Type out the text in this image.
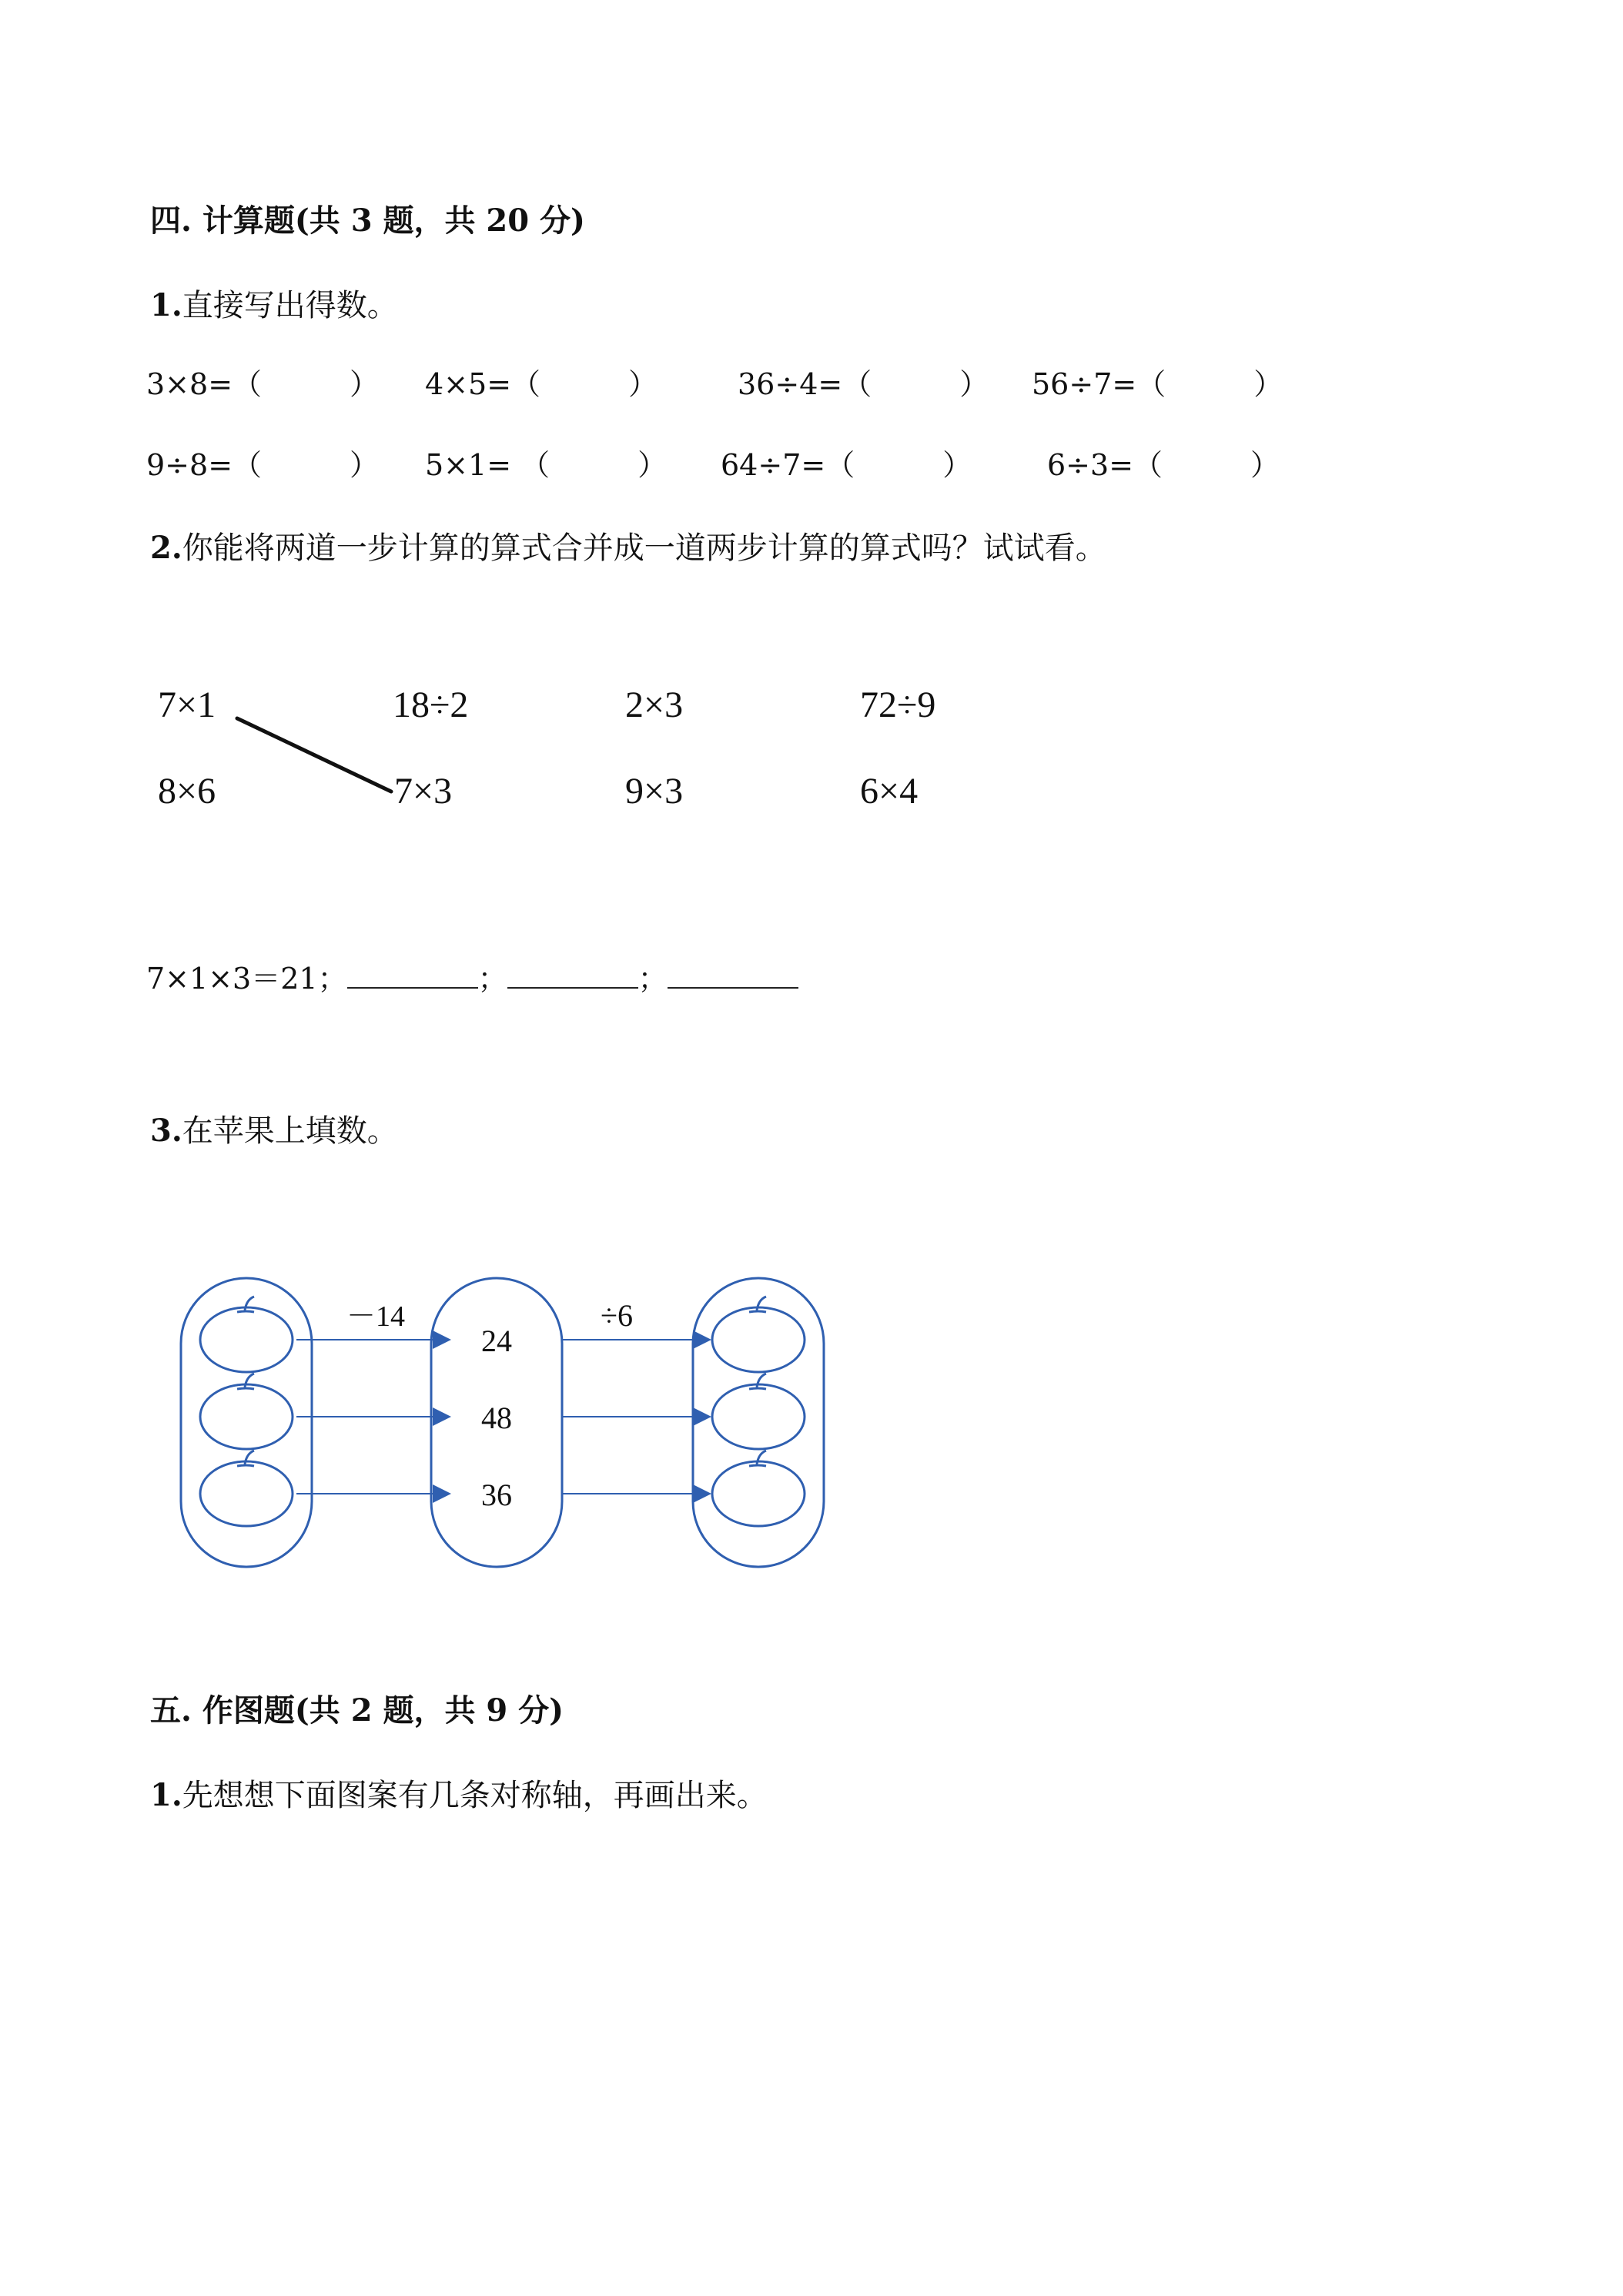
四. 计算题(共 3 题，共 20 分)
1.直接写出得数。
3×8=（　　　） 4×5=（　　　）	36÷4=（　　　） 56÷7=（　　　）
9÷8=（　　　） 5×1= （　　　） 64÷7=（　　　）	6÷3=（　　　）
2.你能将两道一步计算的算式合并成一道两步计算的算式吗？试试看。
7×1	18÷2	2×3	72÷9
8×6	7×3	9×3	6×4
7×1×3＝21；	；	；
3.在苹果上填数。
－14	÷6
24
48
36
五. 作图题(共 2 题，共 9 分)
1.先想想下面图案有几条对称轴，再画出来。
